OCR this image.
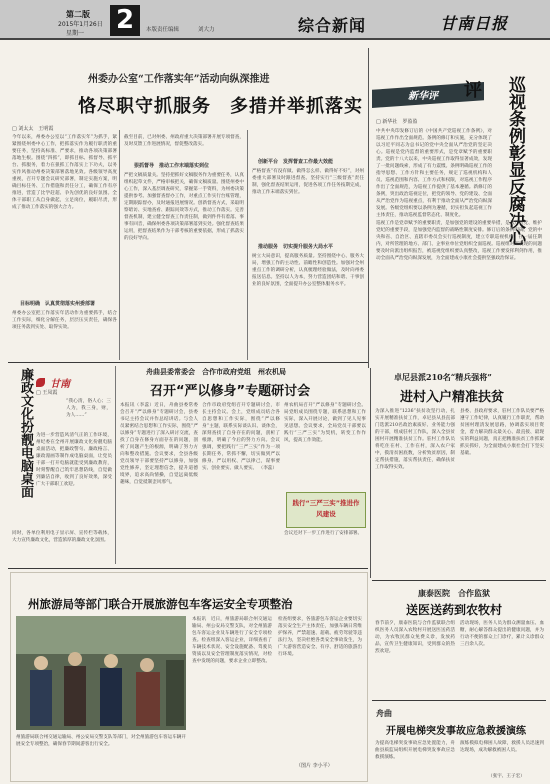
第二版
2015年1月26日
星期一 2	本版责任编辑	刘大力	综合新闻	甘南日报
州委办公室“工作落实年”活动向纵深推进
恪尽职守抓服务　多措并举抓落实
□ 刘太太　王明霞
今年以来，州委办公室以“工作落实年”为抓手，紧紧围绕州委中心工作，把抓落实作为履行职责的重要任务，坚持高标准、严要求，推动各项决策部署落地生根。围绕“四抓”，即抓目标、抓督导、抓平台、抓服务，着力在狠抓工作落实上下功夫，以务实作风推动州委决策部署落地见效。各级领导高度重视，召开专题会议研究部署，制定实施方案，明确目标任务、工作措施和责任分工，确保工作有序推进，营造了比学赶超、争先创优的良好氛围。全体干部职工从自身做起，立足岗位，履职尽责，形成了推动工作落实的强大合力。
目标明确　认真贯彻落实州委部署
州委办公室把工作落实年活动作为重要抓手，结合工作实际，细化分解任务，层层压实责任，确保各项任务落到实处、取得实效。
截至目前，已对州委、州政府重大决策部署开展专项督查，及时反馈工作进展情况，督促整改落实。
狠抓督导　推动工作末端落实到位
严把文稿质量关。坚持把抓好文稿服务作为重要任务，认真组织起草文件，严格审核把关，确保文稿质量。围绕州委中心工作，深入基层调查研究，掌握第一手资料，为州委决策提供参考。加强督查督办工作，对重点工作实行台账管理，定期跟踪督办，及时通报进展情况。创新督查方式，采取明察暗访、实地查看、跟踪问效等方式，推动工作落实。完善督查机制，建立健全督查工作责任制，做到件件有着落、事事有回音，确保州委各项决策部署落到实处。强化督查结果运用，把督查结果作为干部考核的重要依据，形成了抓落实的良好导向。
创新平台　发挥督查工作最大效能
严格督查“有没有做、做得怎么样、做得好不好”，对州委重大部署及时跟进督查。坚持实行“三级督查”责任制，强化督查结果运用，促进各项工作任务按期完成，推动工作末端落实到位。
推动服务　切实提升服务大局水平
树立大局意识，提高服务质量。坚持围绕中心、服务大局，增强工作的主动性、前瞻性和创造性。加强对全州重点工作的调研分析，认真梳理经验做法，及时向州委报送信息。坚持以人为本，努力营造团结和谐、干事创业的良好氛围，全面提升办公室整体服务水平。
新华评 评 巡视条例彰显反腐决心
□ 新华社　罗盈盈
中共中央印发修订后的《中国共产党巡视工作条例》，对巡视工作作出全面规范。条例的修订和实施，充分体现了以习近平同志为总书记的党中央全面从严治党的坚定决心。巡视是党内监督的重要形式，是党章赋予的重要职责。党的十八大以来，中央巡视工作取得显著成效，发现了一批问题线索，形成了有力震慑。条例明确巡视工作的指导思想、工作方针和主要任务，规定了巡视机构和人员、巡视范围和内容、工作方式和权限，对巡视工作程序作出了全面规范，为巡视工作提供了基本遵循。新修订的条例，突出政治巡视定位，把党的领导、党的建设、全面从严治党作为巡视重点，有利于推动全面从严治党向纵深发展。各级党组织要以条例为遵循，切实担负起巡视工作主体责任，推动巡视监督常态化、制度化。
巡视工作是党章赋予的重要职责，是加强党的建设的重要举措，是从严治党、维护党纪的重要手段，是加强党内监督的战略性制度安排。修订后的条例明确，党的中央和省、自治区、直辖市委员会实行巡视制度，建立专职巡视机构，在一届任期内，对所管理的地方、部门、企事业单位党组织全面巡视。巡视组对所发现的问题要及时向派出组织报告，被巡视党组织要认真整改，巡视工作要发挥利剑作用，推动全面从严治党向纵深发展，为全面建成小康社会提供坚强政治保证。
廉政文化扮靓电脑桌面	甘南
□ 王凤霞
“我心清，俗人心；三人为，我三身，财，为人……”
为进一步营造风清气正的工作环境，州纪委在全州开展廉政文化扮靓电脑桌面活动，把廉政警句、廉政格言、廉政漫画等制作成电脑桌面，让党员干部一打开电脑就能受到廉政教育，时刻警醒自己筑牢思想防线，自觉做到廉洁自律，收到了良好效果，深受广大干部职工欢迎。
同时，各单位利用电子显示屏、宣传栏等载体，大力宣传廉政文化，营造浓厚的廉政文化氛围。
舟曲县委常委会　合作市政府党组　州农机局
召开“严以修身”专题研讨会
本报讯（李蕊）近日，舟曲县委常委会召开“严以修身”专题研讨会，县委书记主持会议并作总结讲话。与会人员紧密结合思想和工作实际，围绕“严以修身”专题进行了深入研讨交流，查找了自身在修身方面存在的问题，剖析了问题产生的根源，明确了努力方向和整改措施。会议要求，全县各级党员领导干部要坚持严以修身，加强党性修养，坚定理想信念，提升道德境界，追求高尚情操，自觉远离低级趣味，自觉抵制歪风邪气。
合作市政府党组召开专题研讨会，市长主持会议。会上，党组成员结合各自思想和工作实际，围绕“严以修身”主题，联系实际谈认识、谈体会，深刻查找了自身存在的问题，剖析了根源，明确了今后的努力方向。会议强调，要把践行“三严三实”作为一项长期任务，常抓不懈，切实做到严以修身、严以用权、严以律己，谋事要实、创业要实、做人要实。 （李蕊）
州农机局召开“严以修身”专题研讨会。局党组成员围绕专题，联系思想和工作实际，深入开展讨论，做到了见人见事见思想。会议要求，全局党员干部要以践行“三严三实”为契机，转变工作作风，提高工作效能。
践行“三严三实”推进作风建设
会议还对下一步工作进行了安排部署。
卓尼县派210名“精兵强将”
进村入户精准扶贫
为深入推进“1236”扶贫攻坚行动，扎实开展精准扶贫工作，卓尼县从县直部门选派210名政治素质好、业务能力强的干部，组成驻村工作队，深入全县贫困村开展精准扶贫工作。驻村工作队员将吃住在村、工作在村，深入农户家中，摸清贫困底数，分析致贫原因，制定帮扶措施，落实帮扶责任，确保扶贫工作取得实效。
县委、县政府要求，驻村工作队员要严格遵守工作纪律，认真履行工作职责，帮助贫困村理清发展思路，协调落实项目资金，着力解决群众最关心、最直接、最现实的利益问题，真正把精准扶贫工作抓紧抓实抓好，为全面建成小康社会打下坚实基础。
康泰医院　合作监狱
送医送药到农牧村
春节前夕，康泰医院与合作监狱联合组织医务人员深入农牧村开展送医送药活动，为农牧民群众免费义诊，发放药品，宣传卫生健康知识，受到群众的热烈欢迎。
活动现场，医务人员为群众测量血压、血糖，耐心解答群众提出的健康问题，并为行动不便的群众上门诊疗，累计义诊群众三百余人次。
州旅游局等部门联合开展旅游包车客运安全专项整治
州旅游局联合州交通运输局、州公安局交警支队等部门，对全州旅游包车客运车辆开展安全专项整治，确保春节期间游客出行安全。
本报讯　近日，州旅游局联合州交通运输局、州公安局交警支队，对全州旅游包车客运企业及车辆进行了安全专项检查。检查组深入客运企业，详细查看了车辆技术状况、安全设施配备、驾驶员资质以及安全管理制度落实情况，对检查中发现的问题，要求企业立即整改。
检查组要求，各旅游包车客运企业要切实落实安全生产主体责任，加强车辆日常维护保养，严禁超速、超载、疲劳驾驶等违法行为，坚决杜绝各类安全事故发生，为广大游客营造安全、有序、舒适的旅游出行环境。
（图片 李小平）
舟曲
开展电梯突发事故应急救援演练
为提高电梯突发事故应急处置能力，舟曲县质监局组织开展电梯突发事故应急救援演练。
演练模拟电梯困人故障，救援人员迅速到达现场，成功解救被困人员。
（张宇、王子宏）
